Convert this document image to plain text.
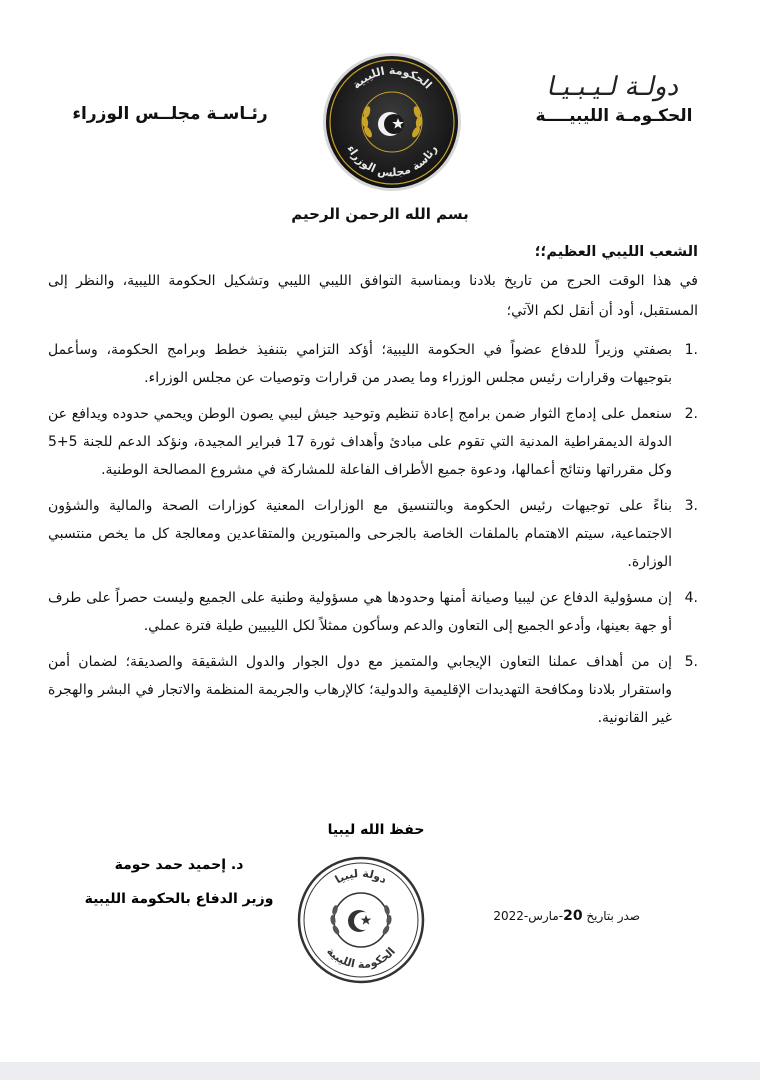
دولـة لـيـبـيـا
الحكـومـة الليبيــــة
رئـاسـة مجلــس الوزراء
الحكومة الليبية
رئاسة مجلس الوزراء
بسم الله الرحمن الرحيم
الشعب الليبي العظيم؛؛
في هذا الوقت الحرج من تاريخ بلادنا وبمناسبة التوافق الليبي الليبي وتشكيل الحكومة الليبية، والنظر إلى المستقبل، أود أن أنقل لكم الآتي؛
1.
بصفتي وزيراً للدفاع عضواً في الحكومة الليبية؛ أؤكد التزامي بتنفيذ خطط وبرامج الحكومة، وسأعمل بتوجيهات وقرارات رئيس مجلس الوزراء وما يصدر من قرارات وتوصيات عن مجلس الوزراء.
2.
سنعمل على إدماج الثوار ضمن برامج إعادة تنظيم وتوحيد جيش ليبي يصون الوطن ويحمي حدوده ويدافع عن الدولة الديمقراطية المدنية التي تقوم على مبادئ وأهداف ثورة 17 فبراير المجيدة، ونؤكد الدعم للجنة 5+5 وكل مقرراتها ونتائج أعمالها، ودعوة جميع الأطراف الفاعلة للمشاركة في مشروع المصالحة الوطنية.
3.
بناءً على توجيهات رئيس الحكومة وبالتنسيق مع الوزارات المعنية كوزارات الصحة والمالية والشؤون الاجتماعية، سيتم الاهتمام بالملفات الخاصة بالجرحى والمبتورين والمتقاعدين ومعالجة كل ما يخص منتسبي الوزارة.
4.
إن مسؤولية الدفاع عن ليبيا وصيانة أمنها وحدودها هي مسؤولية وطنية على الجميع وليست حصراً على طرف أو جهة بعينها، وأدعو الجميع إلى التعاون والدعم وسأكون ممثلاً لكل الليبيين طيلة فترة عملي.
5.
إن من أهداف عملنا التعاون الإيجابي والمتميز مع دول الجوار والدول الشقيقة والصديقة؛ لضمان أمن واستقرار بلادنا ومكافحة التهديدات الإقليمية والدولية؛ كالإرهاب والجريمة المنظمة والاتجار في البشر والهجرة غير القانونية.
حفظ الله ليبيا
د. إحميد حمد حومة
وزير الدفاع بالحكومة الليبية
دولة ليبيا
الحكومة الليبية
صدر بتاريخ 20-مارس-2022
